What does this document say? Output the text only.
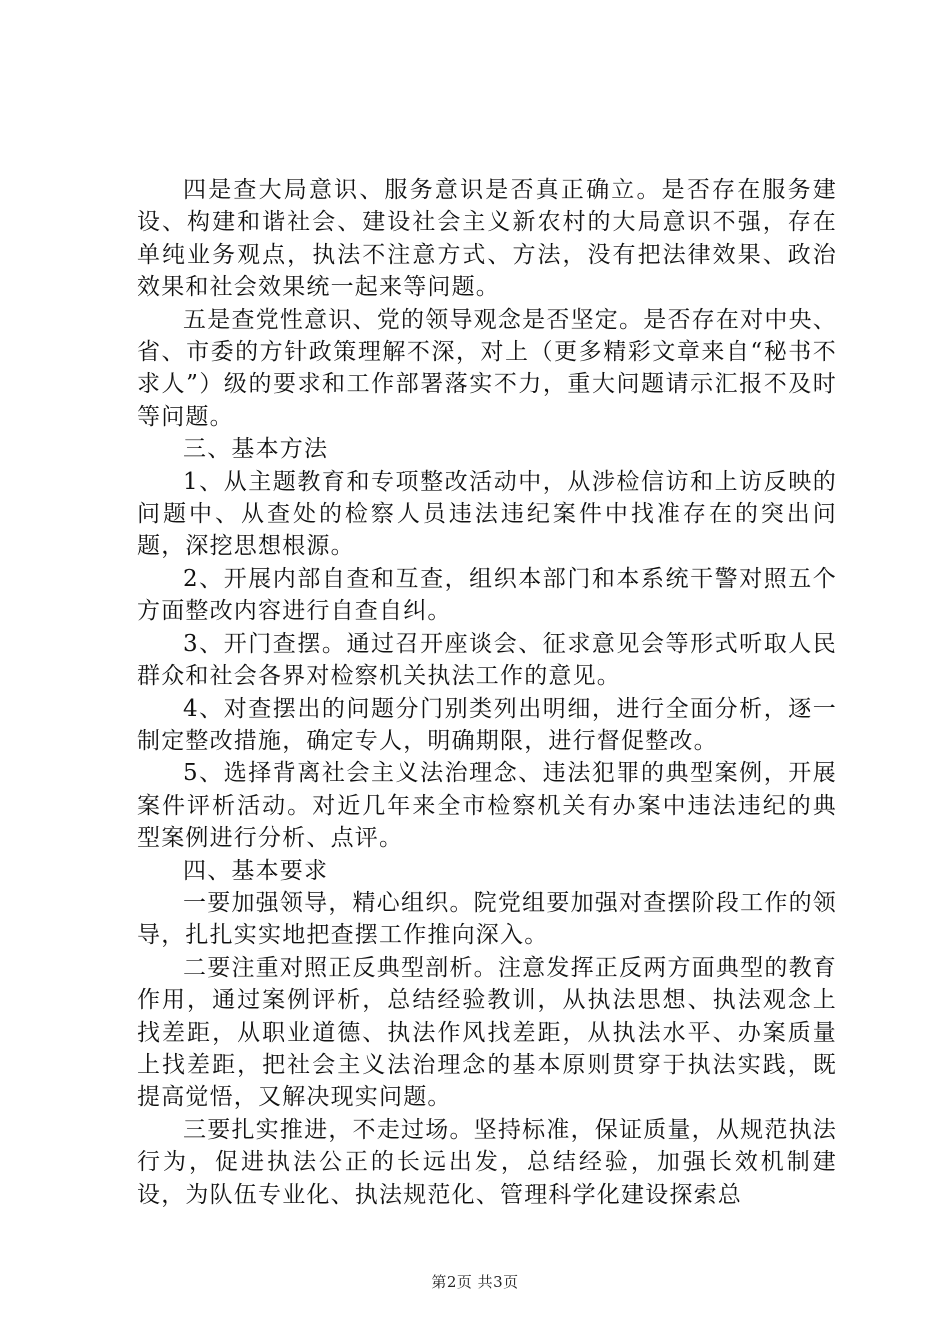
四是查大局意识、服务意识是否真正确立。是否存在服务建设、构建和谐社会、建设社会主义新农村的大局意识不强，存在单纯业务观点，执法不注意方式、方法，没有把法律效果、政治效果和社会效果统一起来等问题。

五是查党性意识、党的领导观念是否坚定。是否存在对中央、省、市委的方针政策理解不深，对上（更多精彩文章来自“秘书不求人”）级的要求和工作部署落实不力，重大问题请示汇报不及时等问题。

三、基本方法

1、从主题教育和专项整改活动中，从涉检信访和上访反映的问题中、从查处的检察人员违法违纪案件中找准存在的突出问题，深挖思想根源。

2、开展内部自查和互查，组织本部门和本系统干警对照五个方面整改内容进行自查自纠。

3、开门查摆。通过召开座谈会、征求意见会等形式听取人民群众和社会各界对检察机关执法工作的意见。

4、对查摆出的问题分门别类列出明细，进行全面分析，逐一制定整改措施，确定专人，明确期限，进行督促整改。

5、选择背离社会主义法治理念、违法犯罪的典型案例，开展案件评析活动。对近几年来全市检察机关有办案中违法违纪的典型案例进行分析、点评。

四、基本要求

一要加强领导，精心组织。院党组要加强对查摆阶段工作的领导，扎扎实实地把查摆工作推向深入。

二要注重对照正反典型剖析。注意发挥正反两方面典型的教育作用，通过案例评析，总结经验教训，从执法思想、执法观念上找差距，从职业道德、执法作风找差距，从执法水平、办案质量上找差距，把社会主义法治理念的基本原则贯穿于执法实践，既提高觉悟，又解决现实问题。

三要扎实推进，不走过场。坚持标准，保证质量，从规范执法行为，促进执法公正的长远出发，总结经验，加强长效机制建设，为队伍专业化、执法规范化、管理科学化建设探索总

第2页 共3页
